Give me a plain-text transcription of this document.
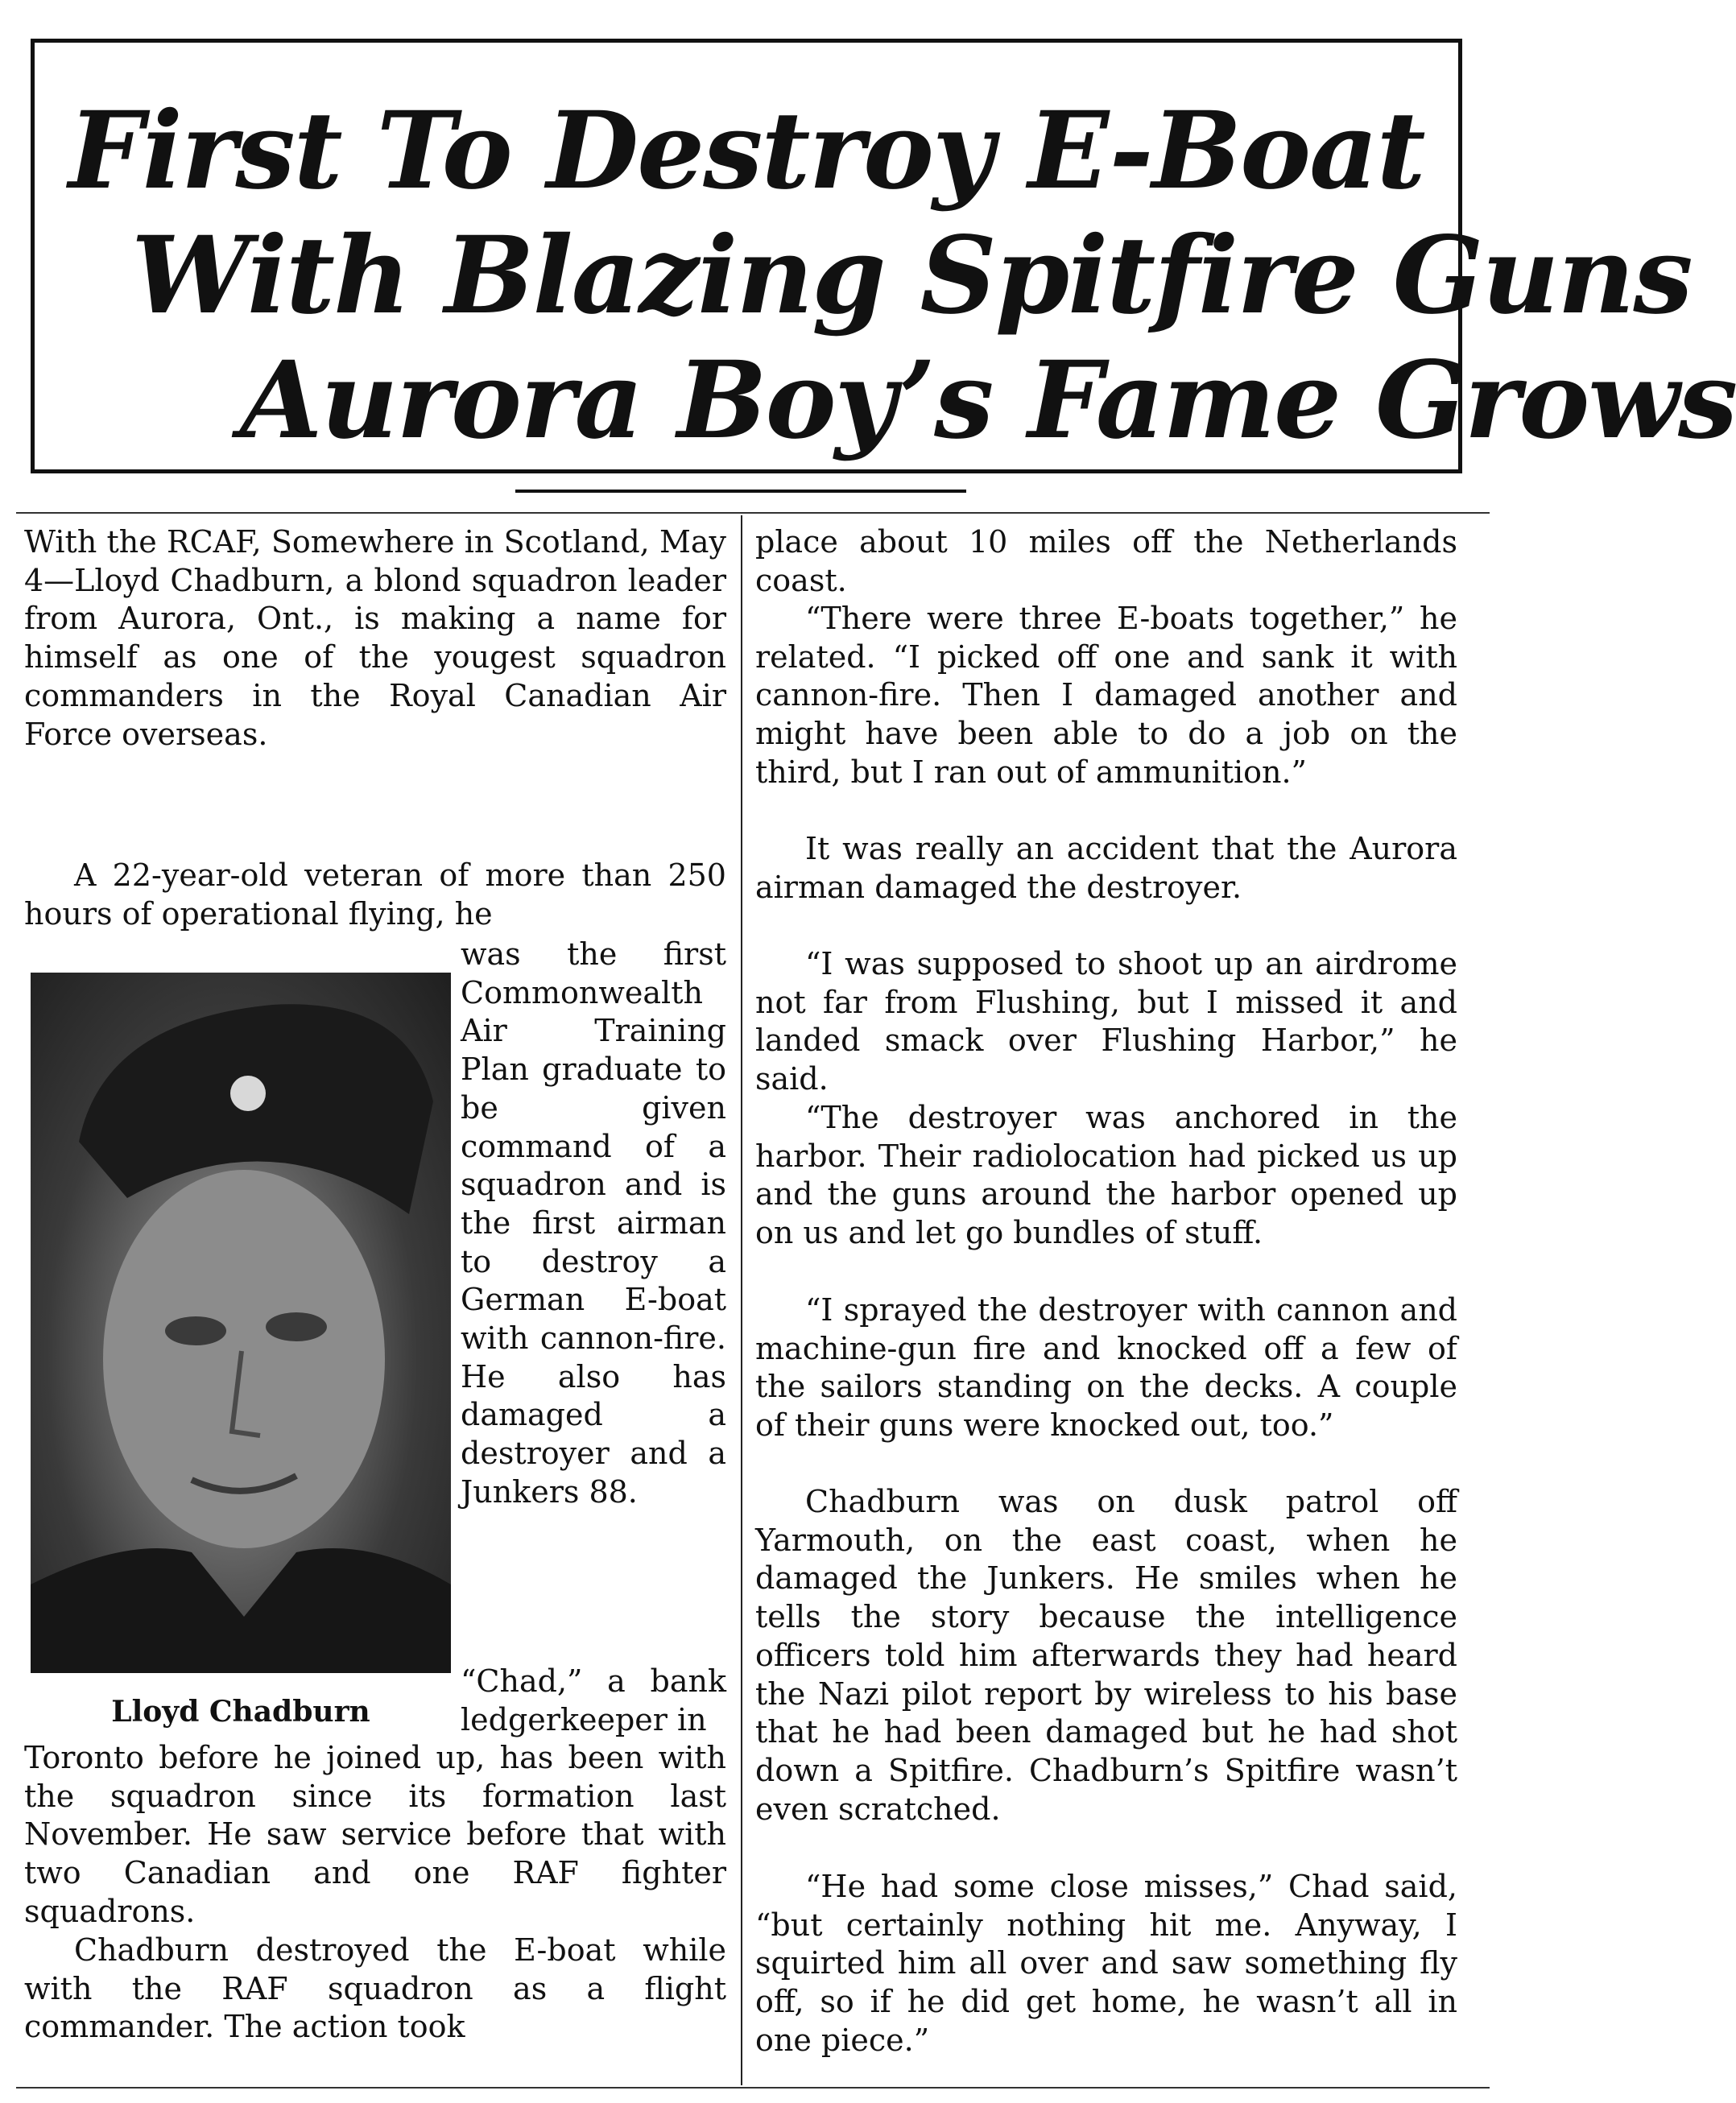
First To Destroy E-Boat
With Blazing Spitfire Guns
Aurora Boy’s Fame Grows

With the RCAF, Somewhere in Scotland, May 4—Lloyd Chadburn, a blond squadron leader from Aurora, Ont., is making a name for himself as one of the yougest squadron commanders in the Royal Canadian Air Force overseas.

A 22-year-old veteran of more than 250 hours of operational flying, he

Lloyd Chadburn

was the first Commonwealth Air Training Plan graduate to be given command of a squadron and is the first airman to destroy a German E-boat with cannon-fire. He also has damaged a destroyer and a Junkers 88.

“Chad,” a bank ledgerkeeper in

Toronto before he joined up, has been with the squadron since its formation last November. He saw service before that with two Canadian and one RAF fighter squadrons.

Chadburn destroyed the E-boat while with the RAF squadron as a flight commander. The action took

place about 10 miles off the Netherlands coast.

“There were three E-boats together,” he related. “I picked off one and sank it with cannon-fire. Then I damaged another and might have been able to do a job on the third, but I ran out of ammunition.”

It was really an accident that the Aurora airman damaged the destroyer.

“I was supposed to shoot up an airdrome not far from Flushing, but I missed it and landed smack over Flushing Harbor,” he said.

“The destroyer was anchored in the harbor. Their radiolocation had picked us up and the guns around the harbor opened up on us and let go bundles of stuff.

“I sprayed the destroyer with cannon and machine-gun fire and knocked off a few of the sailors standing on the decks. A couple of their guns were knocked out, too.”

Chadburn was on dusk patrol off Yarmouth, on the east coast, when he damaged the Junkers. He smiles when he tells the story because the intelligence officers told him afterwards they had heard the Nazi pilot report by wireless to his base that he had been damaged but he had shot down a Spitfire. Chadburn’s Spitfire wasn’t even scratched.

“He had some close misses,” Chad said, “but certainly nothing hit me. Anyway, I squirted him all over and saw something fly off, so if he did get home, he wasn’t all in one piece.”
